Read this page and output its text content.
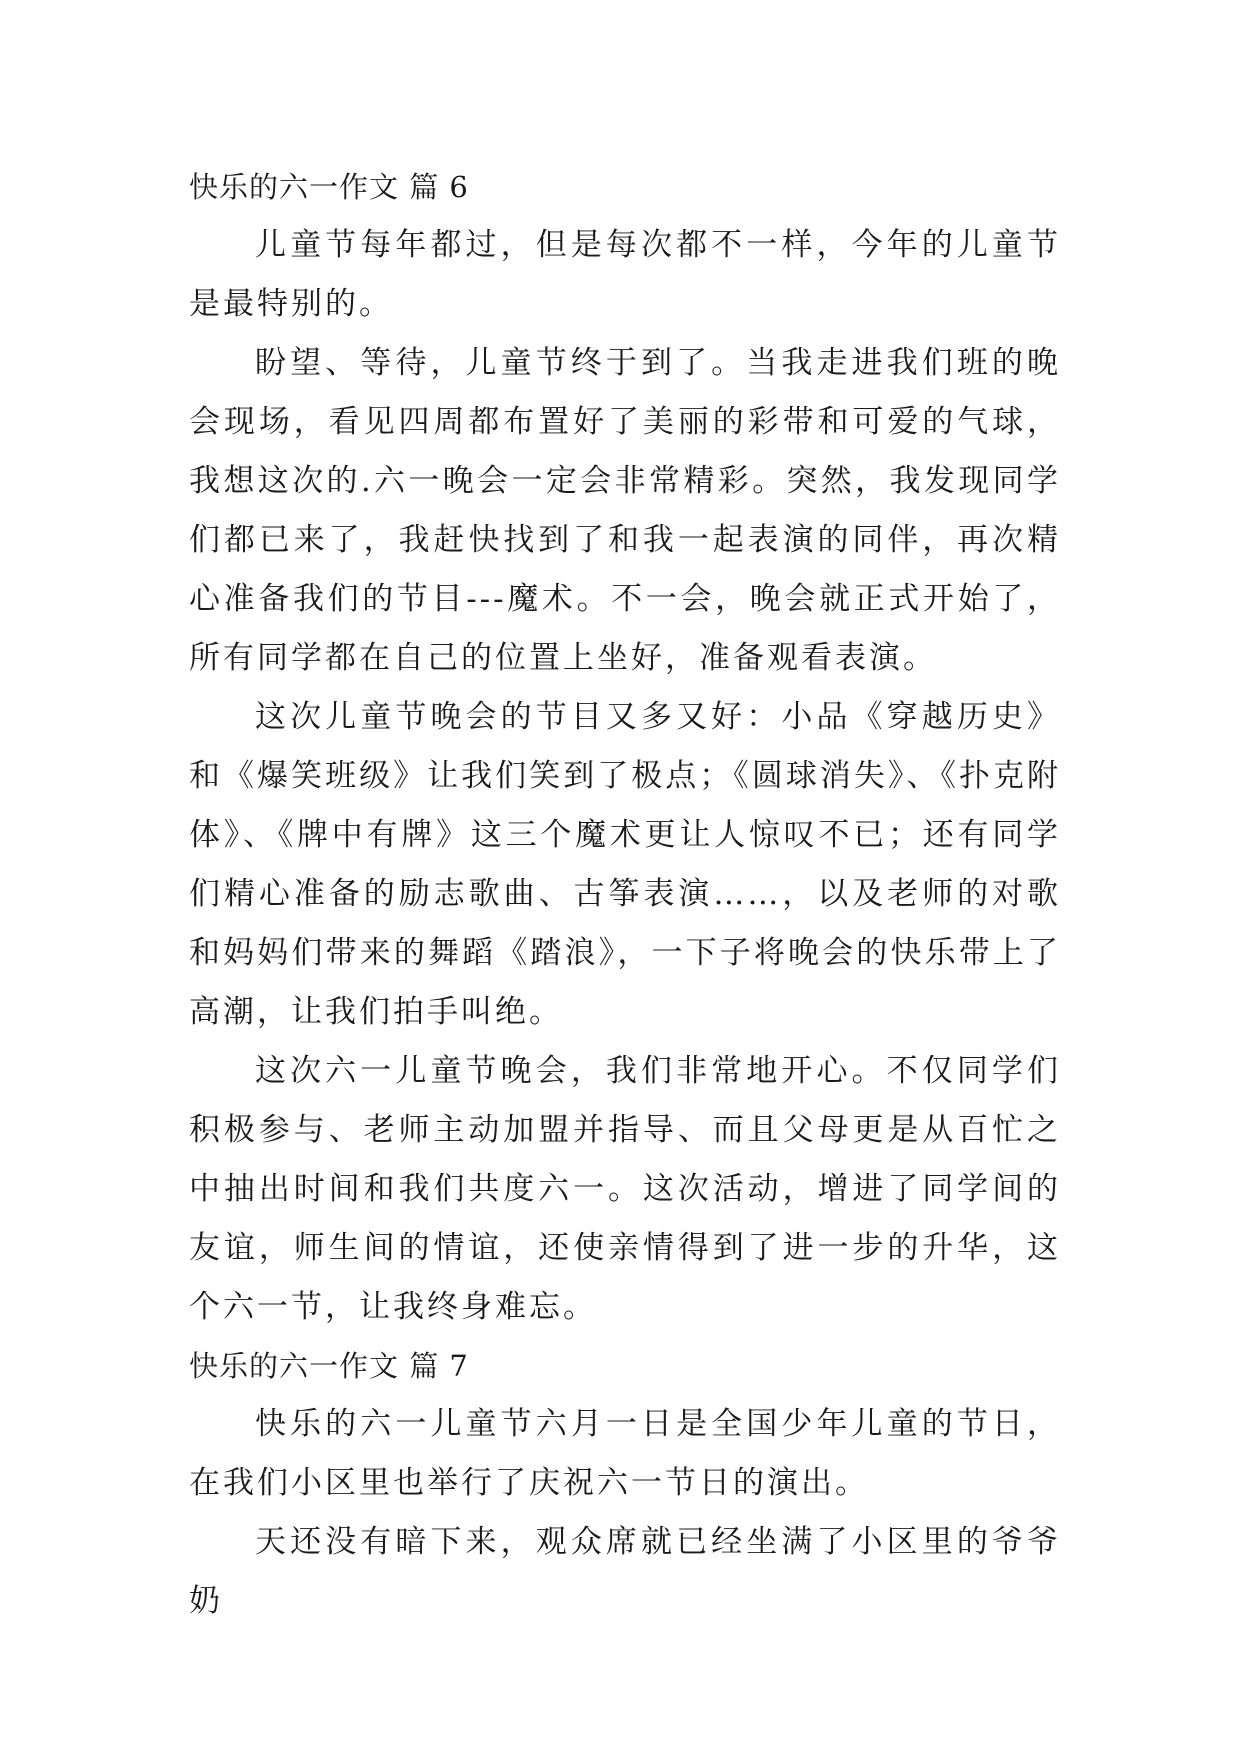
快乐的六一作文 篇 6

儿童节每年都过，但是每次都不一样，今年的儿童节是最特别的。

盼望、等待，儿童节终于到了。当我走进我们班的晚会现场，看见四周都布置好了美丽的彩带和可爱的气球，我想这次的.六一晚会一定会非常精彩。突然，我发现同学们都已来了，我赶快找到了和我一起表演的同伴，再次精心准备我们的节目---魔术。不一会，晚会就正式开始了，所有同学都在自己的位置上坐好，准备观看表演。

这次儿童节晚会的节目又多又好：小品《穿越历史》和《爆笑班级》让我们笑到了极点；《圆球消失》、《扑克附体》、《牌中有牌》这三个魔术更让人惊叹不已；还有同学们精心准备的励志歌曲、古筝表演……，以及老师的对歌和妈妈们带来的舞蹈《踏浪》，一下子将晚会的快乐带上了高潮，让我们拍手叫绝。

这次六一儿童节晚会，我们非常地开心。不仅同学们积极参与、老师主动加盟并指导、而且父母更是从百忙之中抽出时间和我们共度六一。这次活动，增进了同学间的友谊，师生间的情谊，还使亲情得到了进一步的升华，这个六一节，让我终身难忘。

快乐的六一作文 篇 7

快乐的六一儿童节六月一日是全国少年儿童的节日，在我们小区里也举行了庆祝六一节日的演出。

天还没有暗下来，观众席就已经坐满了小区里的爷爷奶
